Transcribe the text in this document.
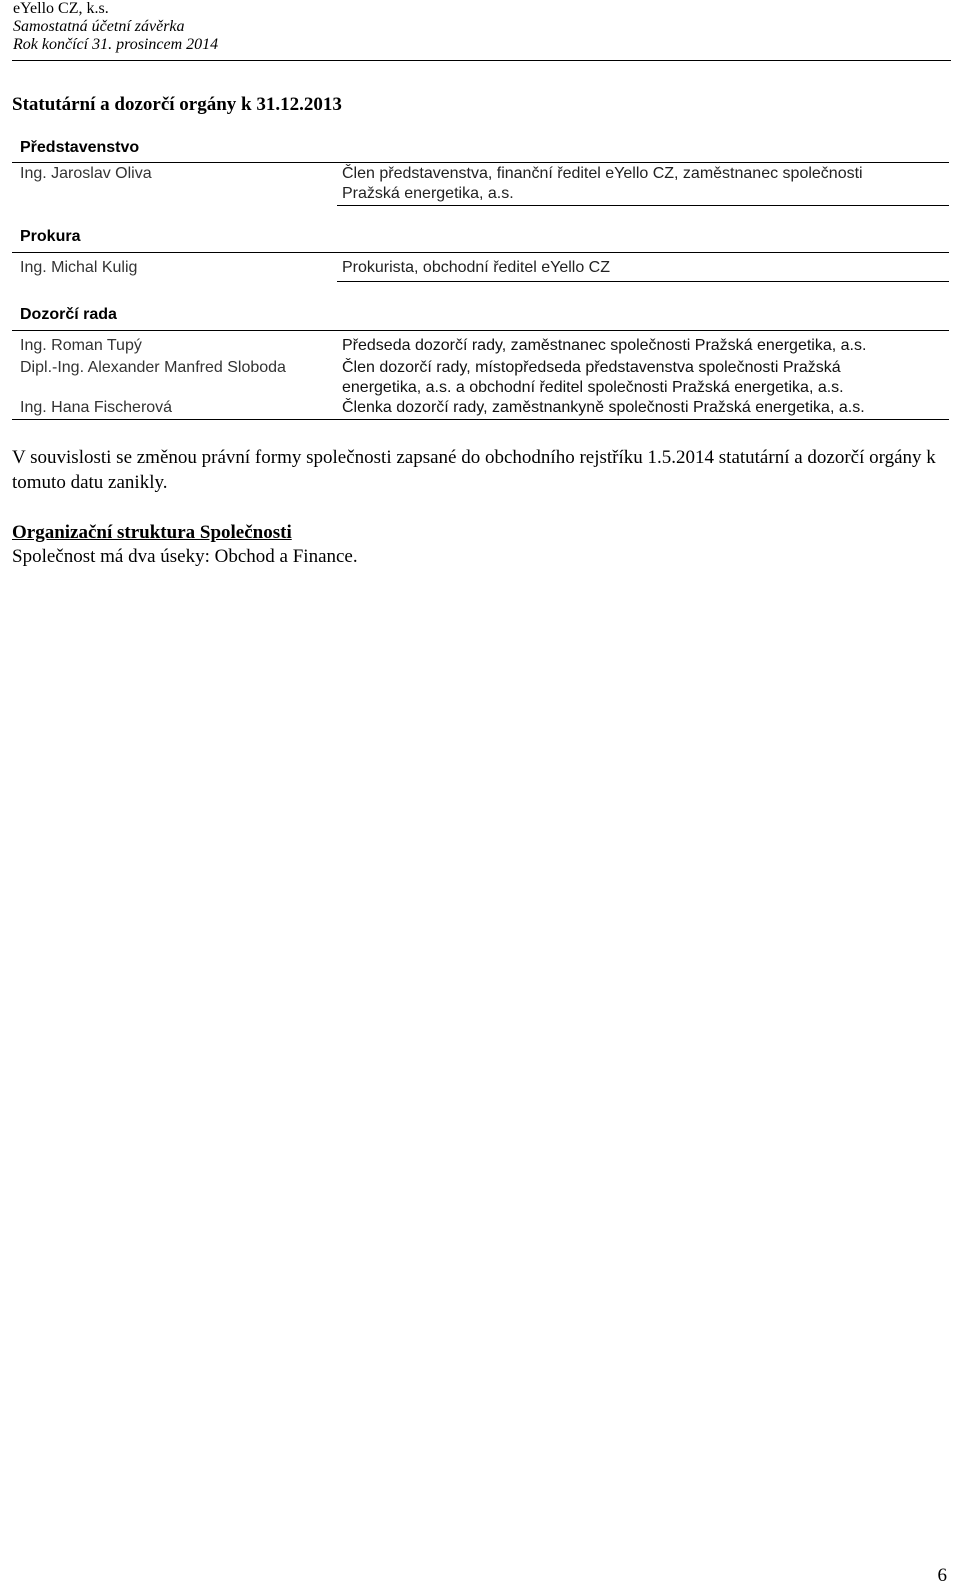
eYello CZ, k.s.
Samostatná účetní závěrka
Rok končící 31. prosincem 2014
Statutární a dozorčí orgány k 31.12.2013
Představenstvo
Ing. Jaroslav Oliva	Člen představenstva, finanční ředitel eYello CZ, zaměstnanec společnosti
Pražská energetika, a.s.
Prokura
Ing. Michal Kulig	Prokurista, obchodní ředitel eYello CZ
Dozorčí rada
Ing. Roman Tupý	Předseda dozorčí rady, zaměstnanec společnosti Pražská energetika, a.s.
Dipl.-Ing. Alexander Manfred Sloboda	Člen dozorčí rady, místopředseda představenstva společnosti Pražská
energetika, a.s. a obchodní ředitel společnosti Pražská energetika, a.s.
Ing. Hana Fischerová	Členka dozorčí rady, zaměstnankyně společnosti Pražská energetika, a.s.
V souvislosti se změnou právní formy společnosti zapsané do obchodního rejstříku 1.5.2014 statutární a dozorčí orgány k tomuto datu zanikly.
Organizační struktura Společnosti
Společnost má dva úseky: Obchod a Finance.
6
